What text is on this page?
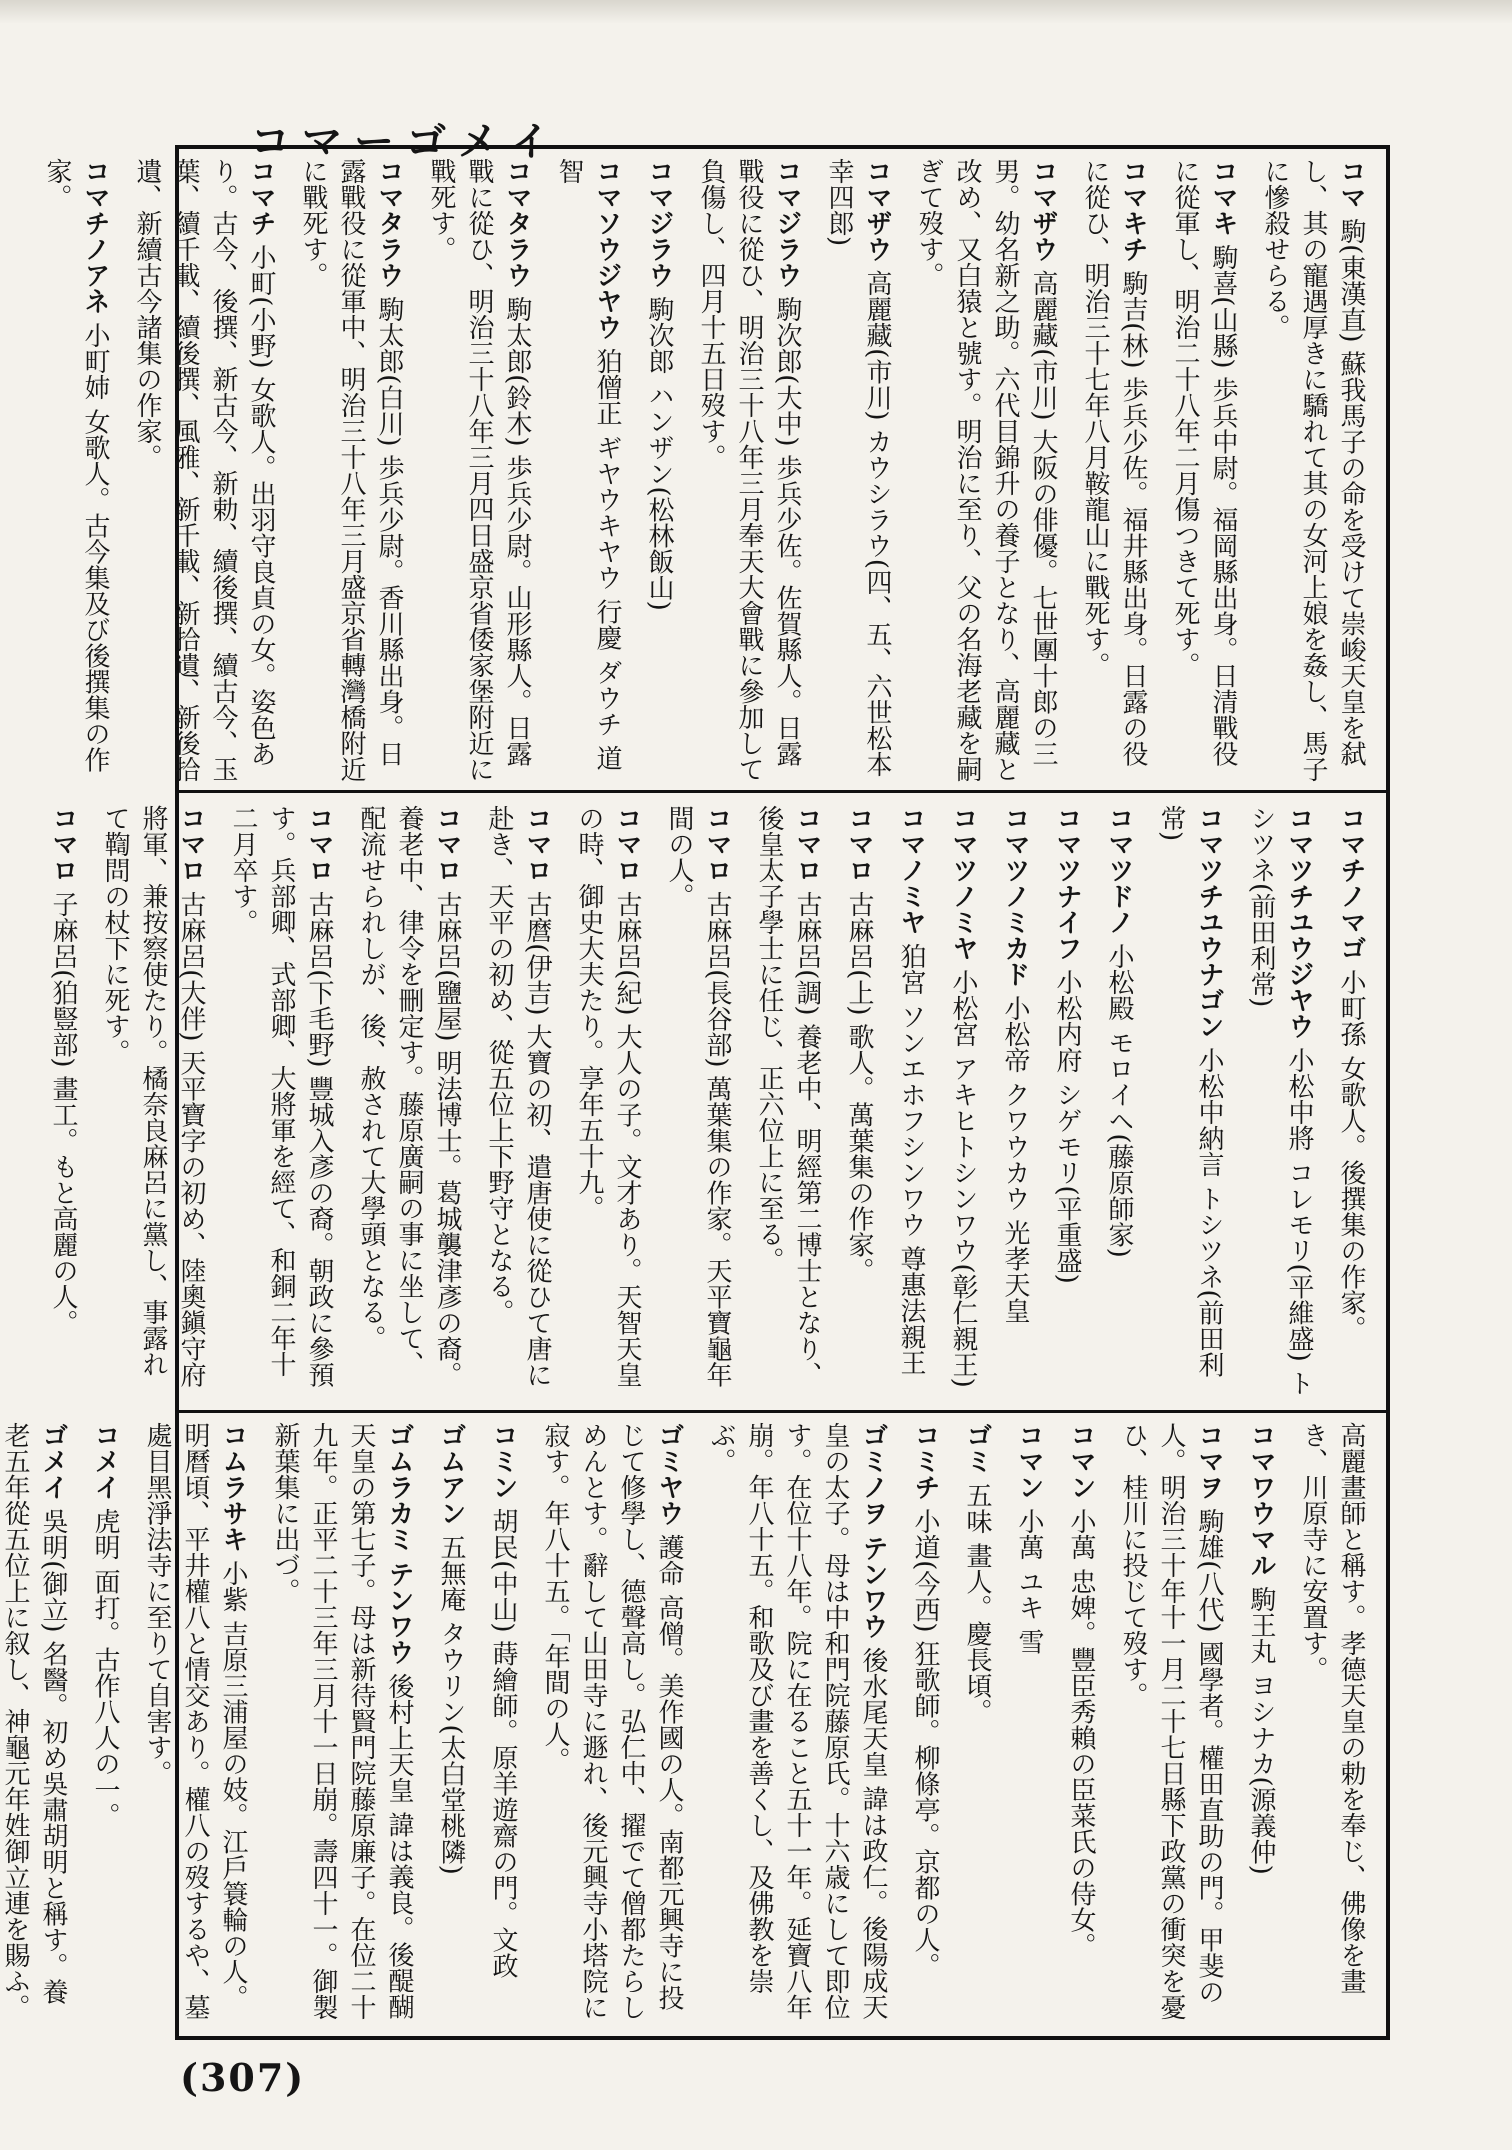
コマーゴメイ
コマ 駒(東漢直) 蘇我馬子の命を受けて崇峻天皇を弑し、其の寵遇厚きに驕れて其の女河上娘を姦し、馬子に慘殺せらる。
コマキ 駒喜(山縣) 歩兵中尉。福岡縣出身。日清戰役に從軍し、明治二十八年二月傷つきて死す。
コマキチ 駒吉(林) 歩兵少佐。福井縣出身。日露の役に從ひ、明治三十七年八月鞍龍山に戰死す。
コマザウ 高麗藏(市川) 大阪の俳優。七世團十郎の三男。幼名新之助。六代目錦升の養子となり、高麗藏と改め、又白猿と號す。明治に至り、父の名海老藏を嗣ぎて歿す。
コマザウ 高麗藏(市川) カウシラウ(四、五、六世松本幸四郎)
コマジラウ 駒次郎(大中) 歩兵少佐。佐賀縣人。日露戰役に從ひ、明治三十八年三月奉天大會戰に參加して負傷し、四月十五日歿す。
コマジラウ 駒次郎 ハンザン(松林飯山)
コマソウジヤウ 狛僧正 ギヤウキヤウ 行慶 ダウチ 道智
コマタラウ 駒太郎(鈴木) 歩兵少尉。山形縣人。日露戰に從ひ、明治三十八年三月四日盛京省倭家堡附近に戰死す。
コマタラウ 駒太郎(白川) 歩兵少尉。香川縣出身。日露戰役に從軍中、明治三十八年三月盛京省轉灣橋附近に戰死す。
コマチ 小町(小野) 女歌人。出羽守良貞の女。姿色あり。古今、後撰、新古今、新勅、續後撰、續古今、玉葉、續千載、續後撰、風雅、新千載、新拾遺、新後拾遺、新續古今諸集の作家。
コマチノアネ 小町姉 女歌人。古今集及び後撰集の作家。
コマチノマゴ 小町孫 女歌人。後撰集の作家。
コマツチユウジヤウ 小松中將 コレモリ(平維盛) トシツネ(前田利常)
コマツチユウナゴン 小松中納言 トシツネ(前田利常)
コマツドノ 小松殿 モロイヘ(藤原師家)
コマツナイフ 小松内府 シゲモリ(平重盛)
コマツノミカド 小松帝 クワウカウ 光孝天皇
コマツノミヤ 小松宮 アキヒトシンワウ(彰仁親王)
コマノミヤ 狛宮 ソンエホフシンワウ 尊惠法親王
コマロ 古麻呂(上) 歌人。萬葉集の作家。
コマロ 古麻呂(調) 養老中、明經第二博士となり、後皇太子學士に任じ、正六位上に至る。
コマロ 古麻呂(長谷部) 萬葉集の作家。天平寶龜年間の人。
コマロ 古麻呂(紀) 大人の子。文才あり。天智天皇の時、御史大夫たり。享年五十九。
コマロ 古麿(伊吉) 大寶の初、遣唐使に從ひて唐に赴き、天平の初め、從五位上下野守となる。
コマロ 古麻呂(鹽屋) 明法博士。葛城襲津彥の裔。養老中、律令を刪定す。藤原廣嗣の事に坐して、配流せられしが、後、赦されて大學頭となる。
コマロ 古麻呂(下毛野) 豐城入彥の裔。朝政に參預す。兵部卿、式部卿、大將軍を經て、和銅二年十二月卒す。
コマロ 古麻呂(大伴) 天平寶字の初め、陸奧鎭守府將軍、兼按察使たり。橘奈良麻呂に黨し、事露れて鞫問の杖下に死す。
コマロ 子麻呂(狛豎部) 畫工。もと高麗の人。
高麗畫師と稱す。孝德天皇の勅を奉じ、佛像を畫き、川原寺に安置す。
コマワウマル 駒王丸 ヨシナカ(源義仲)
コマヲ 駒雄(八代) 國學者。權田直助の門。甲斐の人。明治三十年十一月二十七日縣下政黨の衝突を憂ひ、桂川に投じて歿す。
コマン 小萬 忠婢。豐臣秀賴の臣菜氏の侍女。
コマン 小萬 ユキ 雪
ゴミ 五味 畫人。慶長頃。
コミチ 小道(今西) 狂歌師。柳條亭。京都の人。
ゴミノヲ テンワウ 後水尾天皇 諱は政仁。後陽成天皇の太子。母は中和門院藤原氏。十六歳にして即位す。在位十八年。院に在ること五十一年。延寶八年崩。年八十五。和歌及び畫を善くし、及佛教を崇ぶ。
ゴミヤウ 護命 高僧。美作國の人。南都元興寺に投じて修學し、德聲高し。弘仁中、擢でて僧都たらしめんとす。辭して山田寺に遯れ、後元興寺小塔院に寂す。年八十五。「年間の人。
コミン 胡民(中山) 蒔繪師。原羊遊齋の門。文政
ゴムアン 五無庵 タウリン(太白堂桃隣)
ゴムラカミ テンワウ 後村上天皇 諱は義良。後醍醐天皇の第七子。母は新待賢門院藤原廉子。在位二十九年。正平二十三年三月十一日崩。壽四十一。御製新葉集に出づ。
コムラサキ 小紫 吉原三浦屋の妓。江戶簑輪の人。明曆頃、平井權八と情交あり。權八の歿するや、墓處目黑淨法寺に至りて自害す。
コメイ 虎明 面打。古作八人の一。
ゴメイ 吳明(御立) 名醫。初め吳肅胡明と稱す。養老五年從五位上に叙し、神龜元年姓御立連を賜ふ。
(307)
